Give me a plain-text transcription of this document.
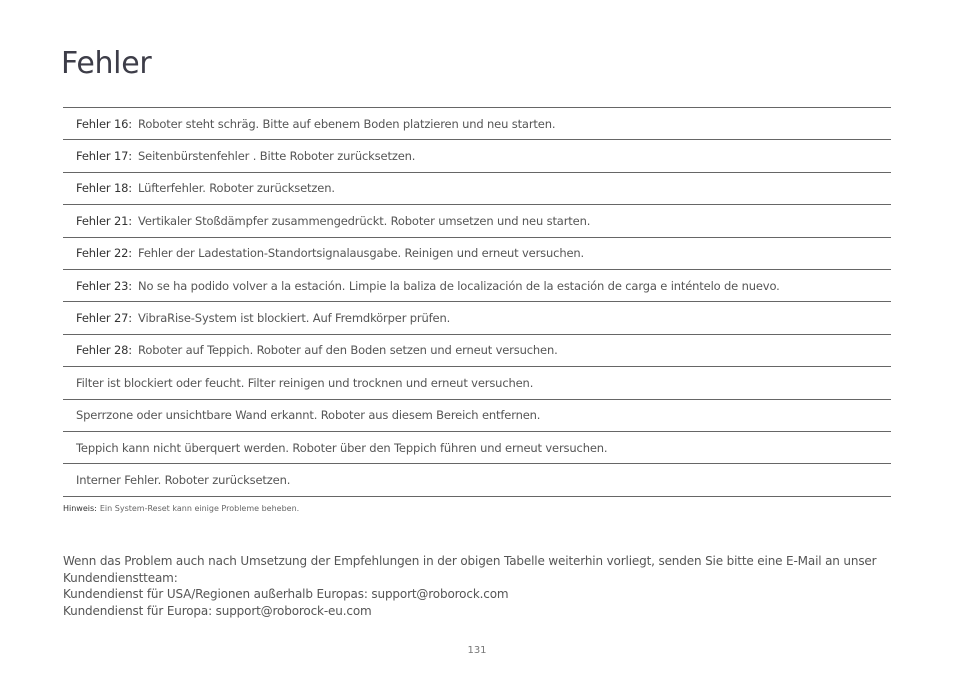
Fehler
Fehler 16: Roboter steht schräg. Bitte auf ebenem Boden platzieren und neu starten.
Fehler 17: Seitenbürstenfehler . Bitte Roboter zurücksetzen.
Fehler 18: Lüfterfehler. Roboter zurücksetzen.
Fehler 21: Vertikaler Stoßdämpfer zusammengedrückt. Roboter umsetzen und neu starten.
Fehler 22: Fehler der Ladestation-Standortsignalausgabe. Reinigen und erneut versuchen.
Fehler 23: No se ha podido volver a la estación. Limpie la baliza de localización de la estación de carga e inténtelo de nuevo.
Fehler 27: VibraRise-System ist blockiert. Auf Fremdkörper prüfen.
Fehler 28: Roboter auf Teppich. Roboter auf den Boden setzen und erneut versuchen.
Filter ist blockiert oder feucht. Filter reinigen und trocknen und erneut versuchen.
Sperrzone oder unsichtbare Wand erkannt. Roboter aus diesem Bereich entfernen.
Teppich kann nicht überquert werden. Roboter über den Teppich führen und erneut versuchen.
Interner Fehler. Roboter zurücksetzen.
Hinweis: Ein System-Reset kann einige Probleme beheben.
Wenn das Problem auch nach Umsetzung der Empfehlungen in der obigen Tabelle weiterhin vorliegt, senden Sie bitte eine E-Mail an unser
Kundendienstteam:
Kundendienst für USA/Regionen außerhalb Europas: support@roborock.com
Kundendienst für Europa: support@roborock-eu.com
131
